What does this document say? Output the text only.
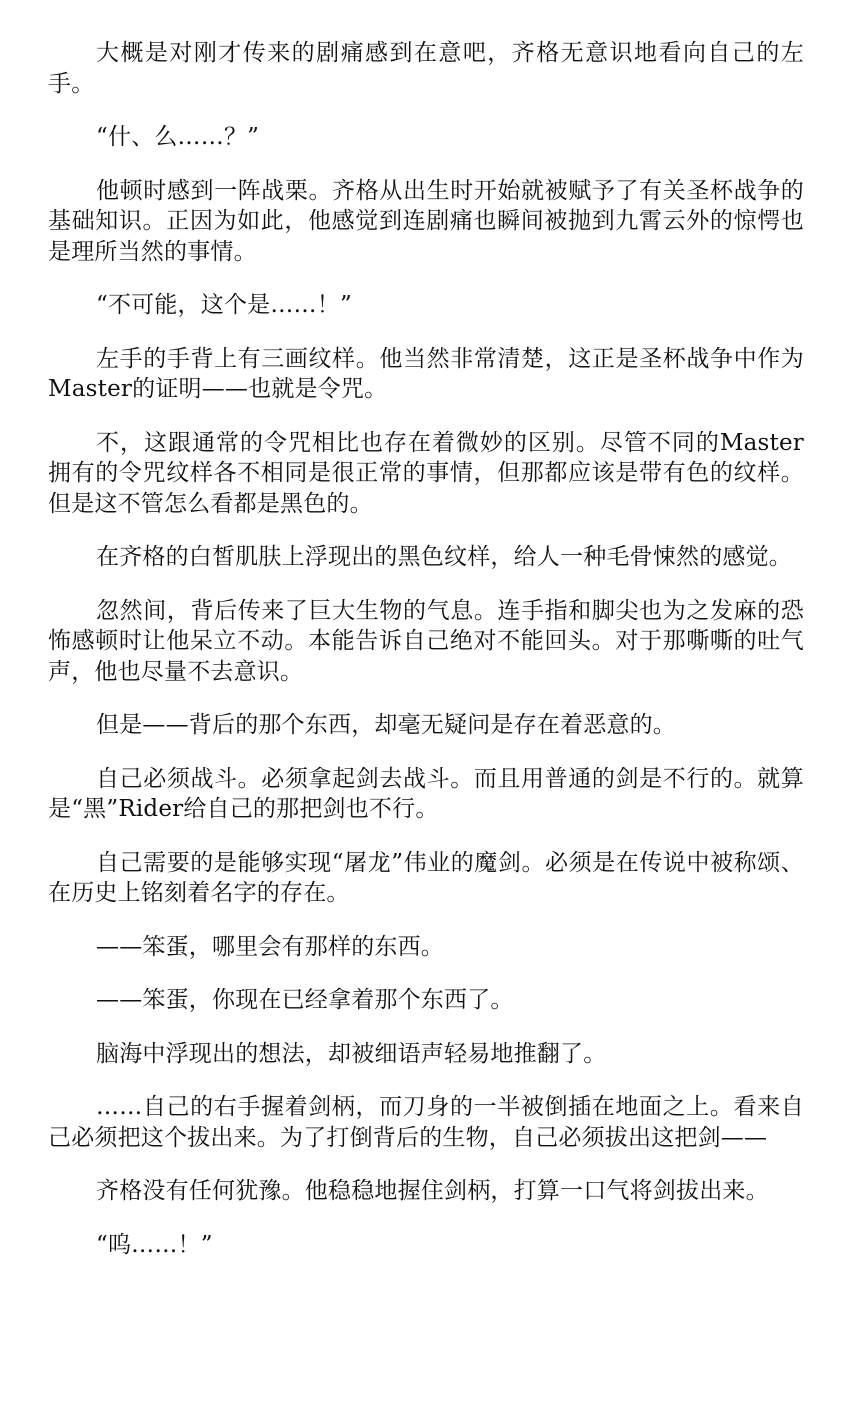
大概是对刚才传来的剧痛感到在意吧，齐格无意识地看向自己的左手。

“什、么……？”

他顿时感到一阵战栗。齐格从出生时开始就被赋予了有关圣杯战争的基础知识。正因为如此，他感觉到连剧痛也瞬间被抛到九霄云外的惊愕也是理所当然的事情。

“不可能，这个是……！”

左手的手背上有三画纹样。他当然非常清楚，这正是圣杯战争中作为Master的证明——也就是令咒。

不，这跟通常的令咒相比也存在着微妙的区别。尽管不同的Master拥有的令咒纹样各不相同是很正常的事情，但那都应该是带有色的纹样。但是这不管怎么看都是黑色的。

在齐格的白皙肌肤上浮现出的黑色纹样，给人一种毛骨悚然的感觉。

忽然间，背后传来了巨大生物的气息。连手指和脚尖也为之发麻的恐怖感顿时让他呆立不动。本能告诉自己绝对不能回头。对于那嘶嘶的吐气声，他也尽量不去意识。

但是——背后的那个东西，却毫无疑问是存在着恶意的。

自己必须战斗。必须拿起剑去战斗。而且用普通的剑是不行的。就算是“黑”Rider给自己的那把剑也不行。

自己需要的是能够实现“屠龙”伟业的魔剑。必须是在传说中被称颂、在历史上铭刻着名字的存在。

——笨蛋，哪里会有那样的东西。

——笨蛋，你现在已经拿着那个东西了。

脑海中浮现出的想法，却被细语声轻易地推翻了。

……自己的右手握着剑柄，而刀身的一半被倒插在地面之上。看来自己必须把这个拔出来。为了打倒背后的生物，自己必须拔出这把剑——

齐格没有任何犹豫。他稳稳地握住剑柄，打算一口气将剑拔出来。

“呜……！”
